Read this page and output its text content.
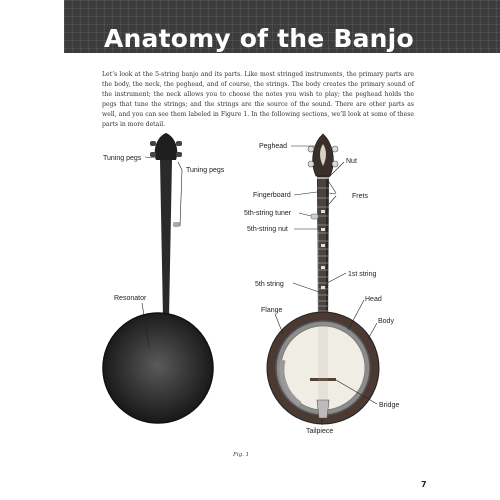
Anatomy of the Banjo

Let’s look at the 5-string banjo and its parts. Like most stringed instruments, the primary parts are the body, the neck, the peghead, and of course, the strings. The body creates the primary sound of the instrument; the neck allows you to choose the notes you wish to play; the peghead holds the pegs that tune the strings; and the strings are the source of the sound. There are other parts as well, and you can see them labeled in Figure 1. In the following sections, we’ll look at some of these parts in more detail.

Tuning pegs
Tuning pegs
Resonator
Peghead
Nut
Fingerboard	Frets
5th-string tuner
5th-string nut
1st string
5th string
Head
Flange
Body
Bridge
Tailpiece
Fig. 1
7
